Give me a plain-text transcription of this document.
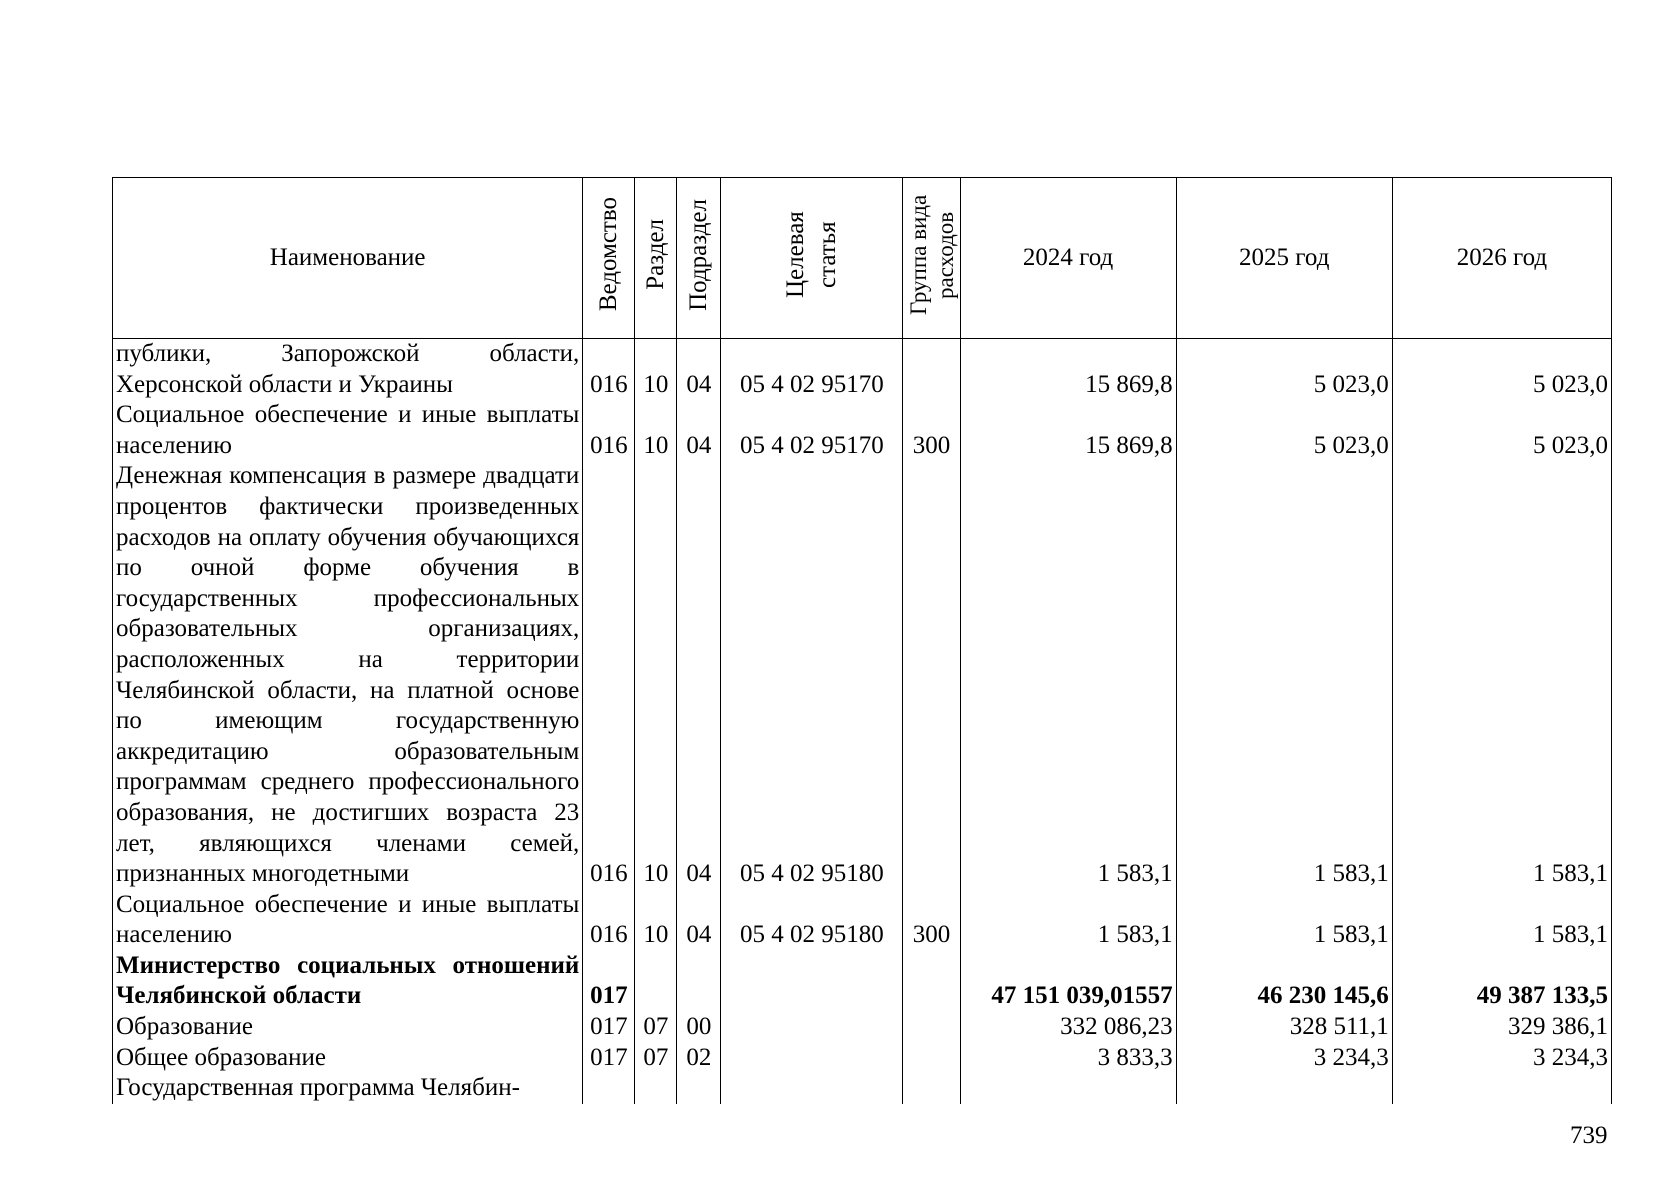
Наименование	Ведомство	Раздел	Подраздел	Целевая статья	Группа вида расходов	2024 год	2025 год	2026 год
публики, Запорожской области, Херсонской области и Украины	016	10	04	05 4 02 95170		15 869,8	5 023,0	5 023,0
Социальное обеспечение и иные выплаты населению	016	10	04	05 4 02 95170	300	15 869,8	5 023,0	5 023,0
Денежная компенсация в размере двадцати процентов фактически произведенных расходов на оплату обучения обучающихся по очной форме обучения в государственных профессиональных образовательных организациях, расположенных на территории Челябинской области, на платной основе по имеющим государственную аккредитацию образовательным программам среднего профессионального образования, не достигших возраста 23 лет, являющихся членами семей, признанных многодетными	016	10	04	05 4 02 95180		1 583,1	1 583,1	1 583,1
Социальное обеспечение и иные выплаты населению	016	10	04	05 4 02 95180	300	1 583,1	1 583,1	1 583,1
Министерство социальных отношений Челябинской области	017					47 151 039,01557	46 230 145,6	49 387 133,5
Образование	017	07	00			332 086,23	328 511,1	329 386,1
Общее образование	017	07	02			3 833,3	3 234,3	3 234,3
Государственная программа Челябин-								
739
